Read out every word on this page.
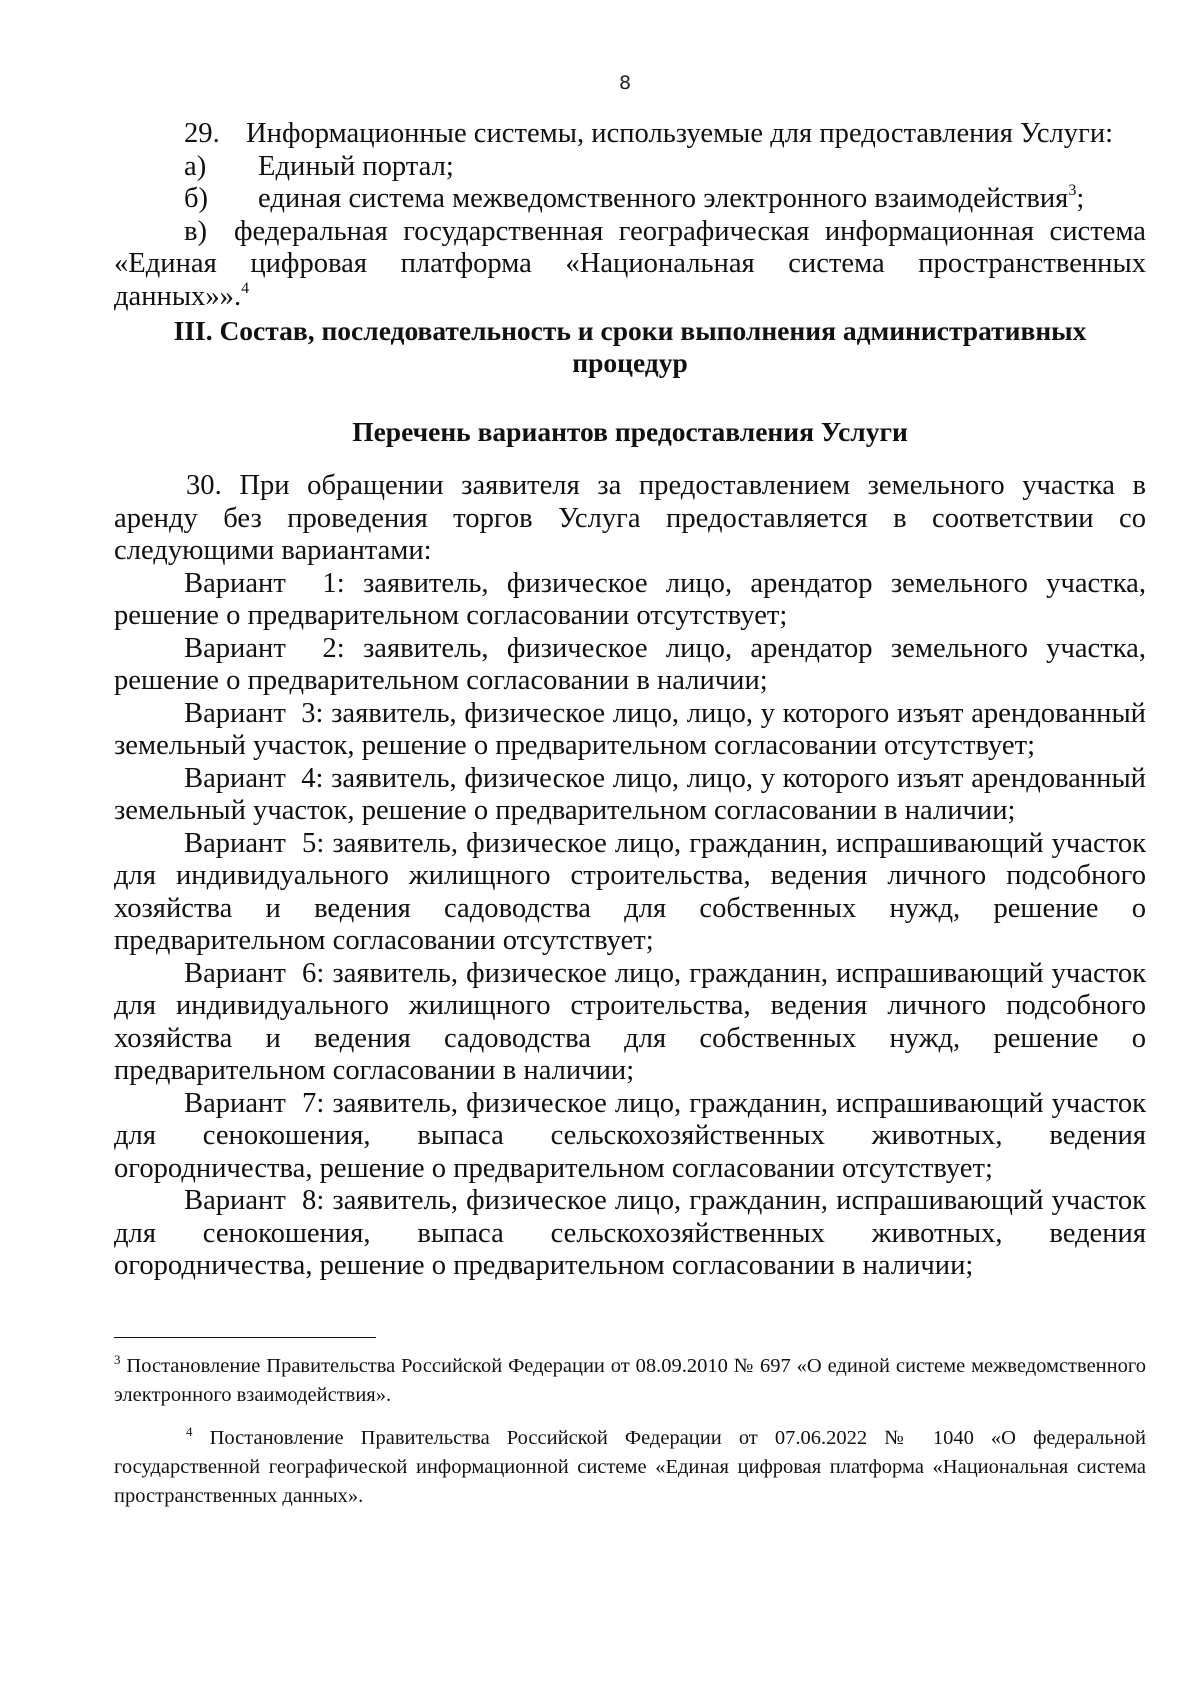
8

29. Информационные системы, используемые для предоставления Услуги:

а) Единый портал;

б) единая система межведомственного электронного взаимодействия$^3$;

в) федеральная государственная географическая информационная система «Единая цифровая платформа «Национальная система пространственных данных»».$^4$

III. Состав, последовательность и сроки выполнения административных процедур
Перечень вариантов предоставления Услуги

30. При обращении заявителя за предоставлением земельного участка в аренду без проведения торгов Услуга предоставляется в соответствии со следующими вариантами:

Вариант  1: заявитель, физическое лицо, арендатор земельного участка, решение о предварительном согласовании отсутствует;

Вариант  2: заявитель, физическое лицо, арендатор земельного участка, решение о предварительном согласовании в наличии;

Вариант  3: заявитель, физическое лицо, лицо, у которого изъят арендованный земельный участок, решение о предварительном согласовании отсутствует;

Вариант  4: заявитель, физическое лицо, лицо, у которого изъят арендованный земельный участок, решение о предварительном согласовании в наличии;

Вариант  5: заявитель, физическое лицо, гражданин, испрашивающий участок для индивидуального жилищного строительства, ведения личного подсобного хозяйства и ведения садоводства для собственных нужд, решение о предварительном согласовании отсутствует;

Вариант  6: заявитель, физическое лицо, гражданин, испрашивающий участок для индивидуального жилищного строительства, ведения личного подсобного хозяйства и ведения садоводства для собственных нужд, решение о предварительном согласовании в наличии;

Вариант  7: заявитель, физическое лицо, гражданин, испрашивающий участок для сенокошения, выпаса сельскохозяйственных животных, ведения огородничества, решение о предварительном согласовании отсутствует;

Вариант  8: заявитель, физическое лицо, гражданин, испрашивающий участок для сенокошения, выпаса сельскохозяйственных животных, ведения огородничества, решение о предварительном согласовании в наличии;

$^3$ Постановление Правительства Российской Федерации от 08.09.2010 № 697 «О единой системе межведомственного электронного взаимодействия».

$^4$ Постановление Правительства Российской Федерации от 07.06.2022 № 1040 «О федеральной государственной географической информационной системе «Единая цифровая платформа «Национальная система пространственных данных».
